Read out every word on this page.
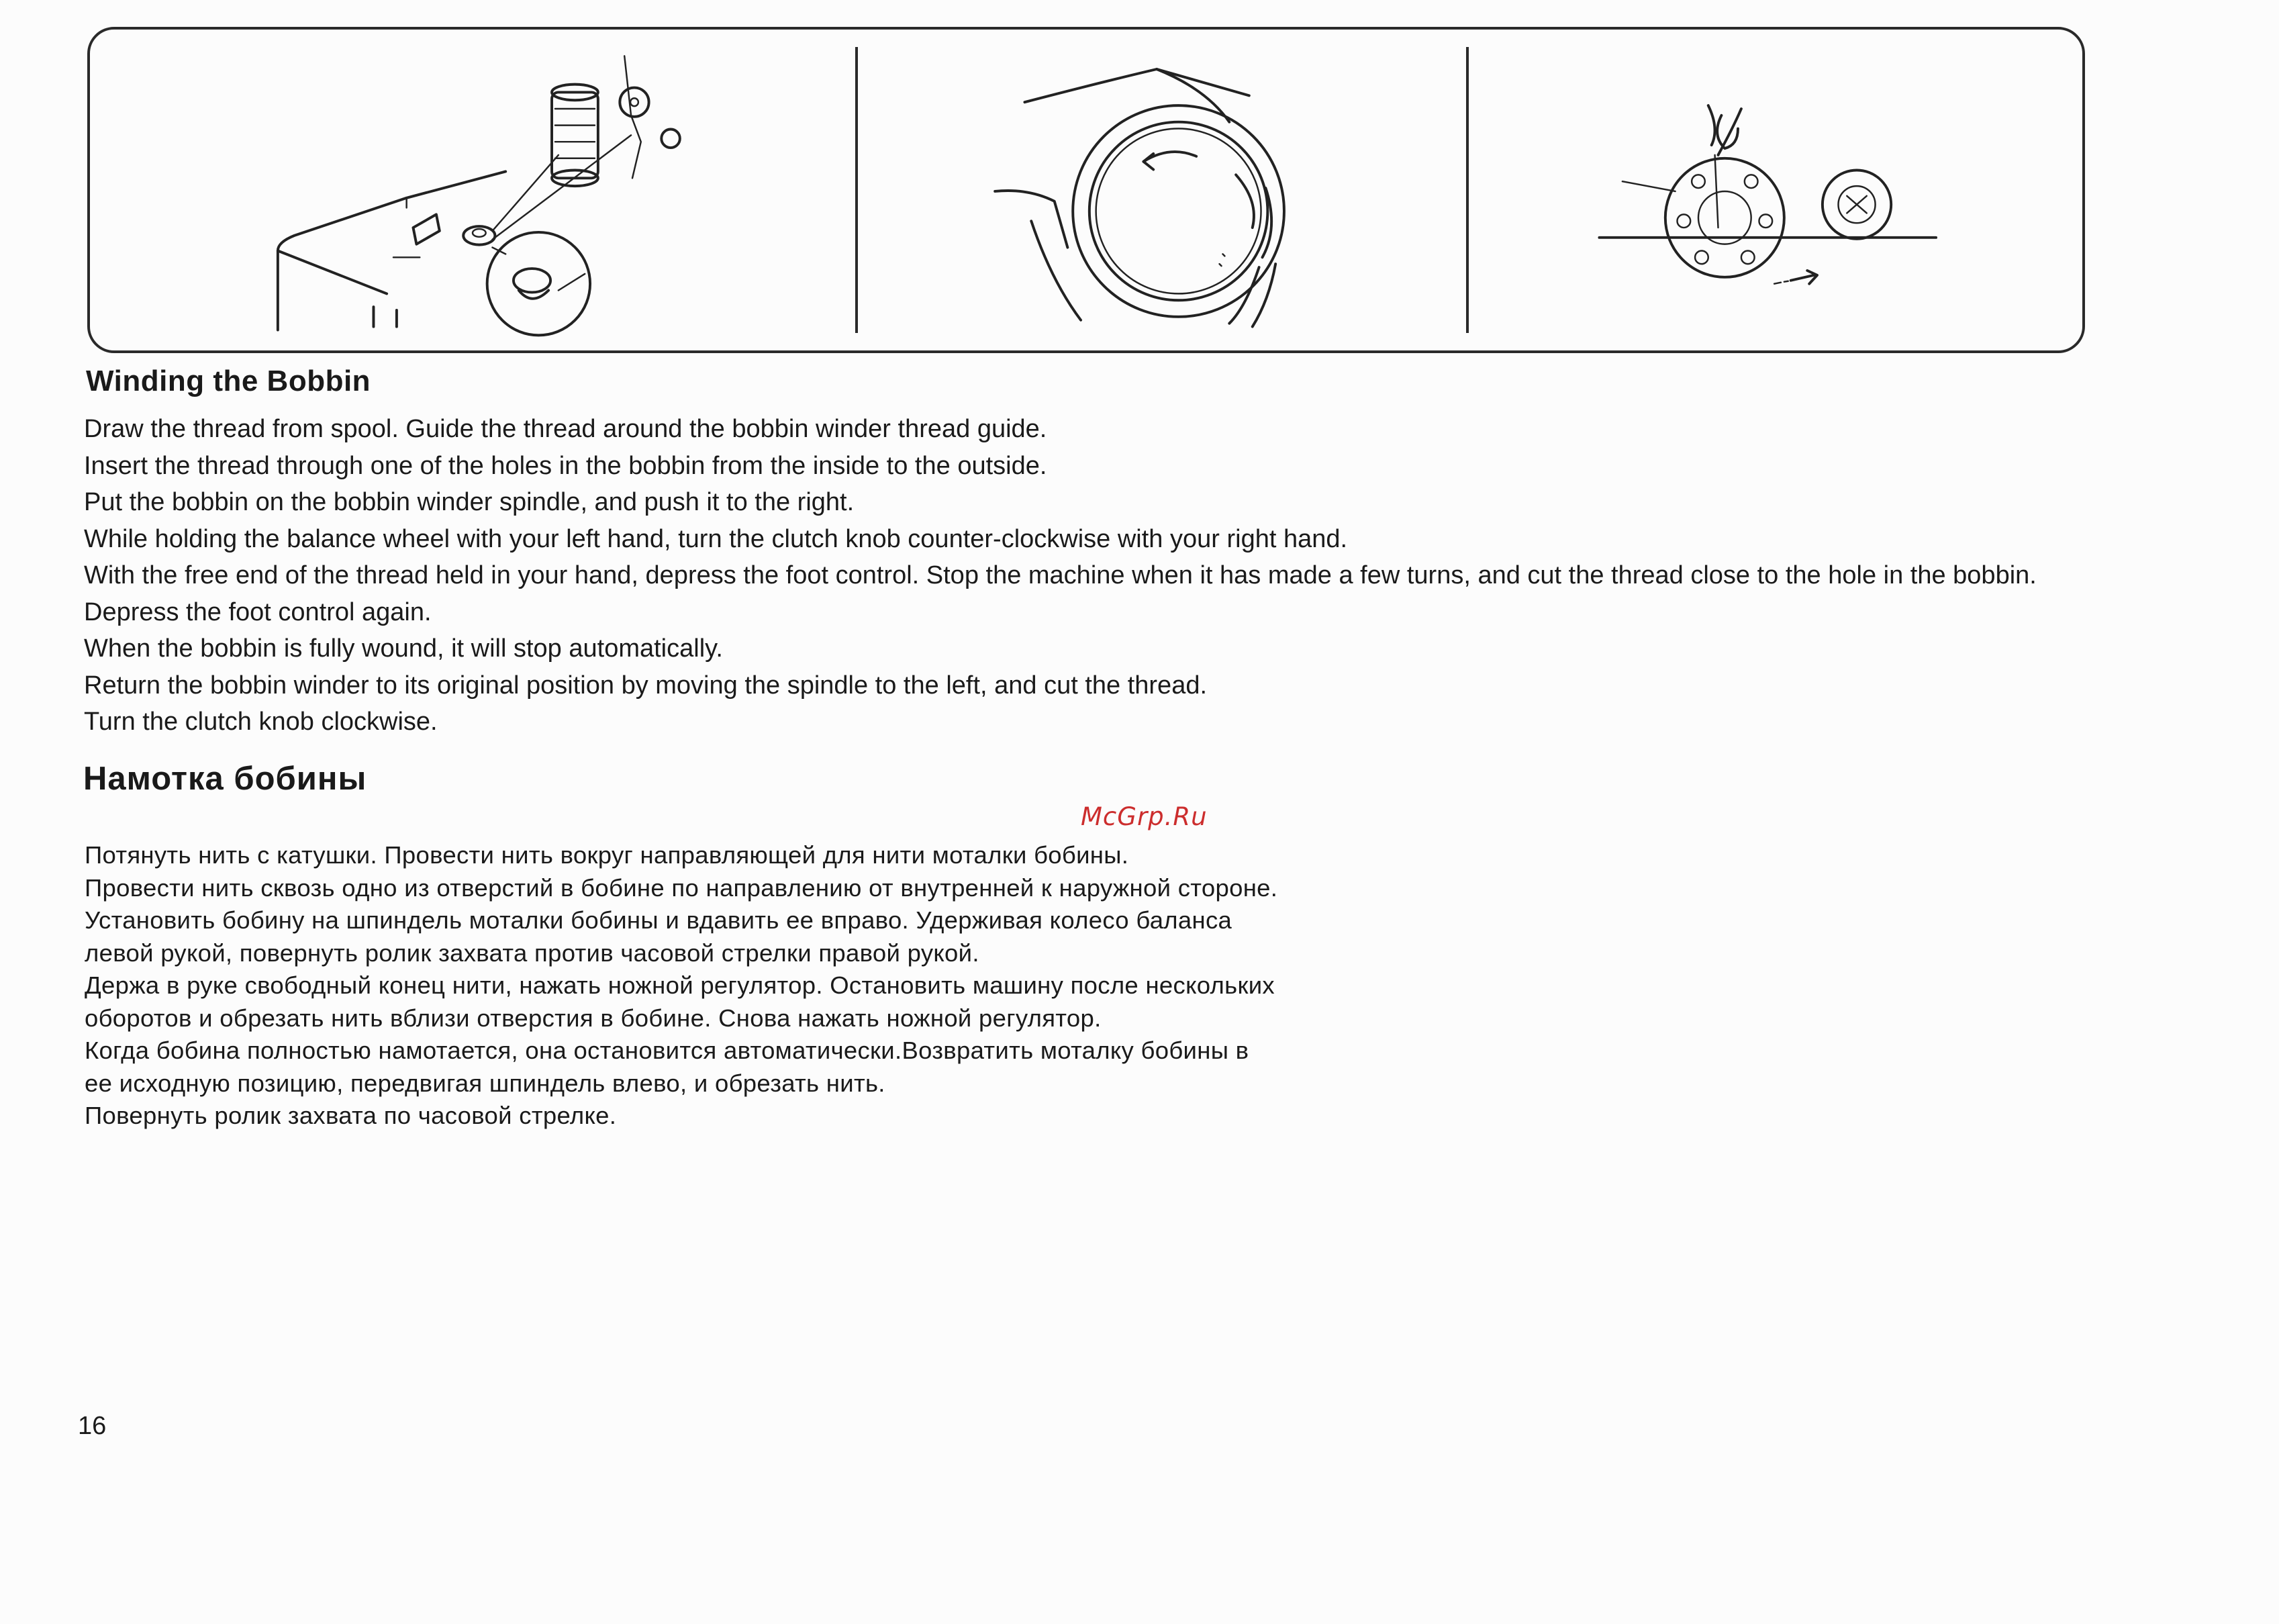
Winding the Bobbin

Draw the thread from spool. Guide the thread around the bobbin winder thread guide.

Insert the thread through one of the holes in the bobbin from the inside to the outside.

Put the bobbin on the bobbin winder spindle, and push it to the right.

While holding the balance wheel with your left hand, turn the clutch knob counter-clockwise with your right hand.

With the free end of the thread held in your hand, depress the foot control. Stop the machine when it has made a few turns, and cut the thread close to the hole in the bobbin. Depress the foot control again.

When the bobbin is fully wound, it will stop automatically.

Return the bobbin winder to its original position by moving the spindle to the left, and cut the thread.

Turn the clutch knob clockwise.

Намотка бобины
McGrp.Ru

Потянуть нить с катушки. Провести нить вокруг направляющей для нити моталки бобины.

Провести нить сквозь одно из отверстий в бобине по направлению от внутренней к наружной стороне.

Установить бобину на шпиндель моталки бобины и вдавить ее вправо. Удерживая колесо баланса

левой рукой, повернуть ролик захвата против часовой стрелки правой рукой.

Держа в руке свободный конец нити, нажать ножной регулятор. Остановить машину после нескольких

оборотов и обрезать нить вблизи отверстия в бобине. Снова нажать ножной регулятор.

Когда бобина полностью намотается, она остановится автоматически.Возвратить моталку бобины в

ее исходную позицию, передвигая шпиндель влево, и обрезать нить.

Повернуть ролик захвата по часовой стрелке.

16
